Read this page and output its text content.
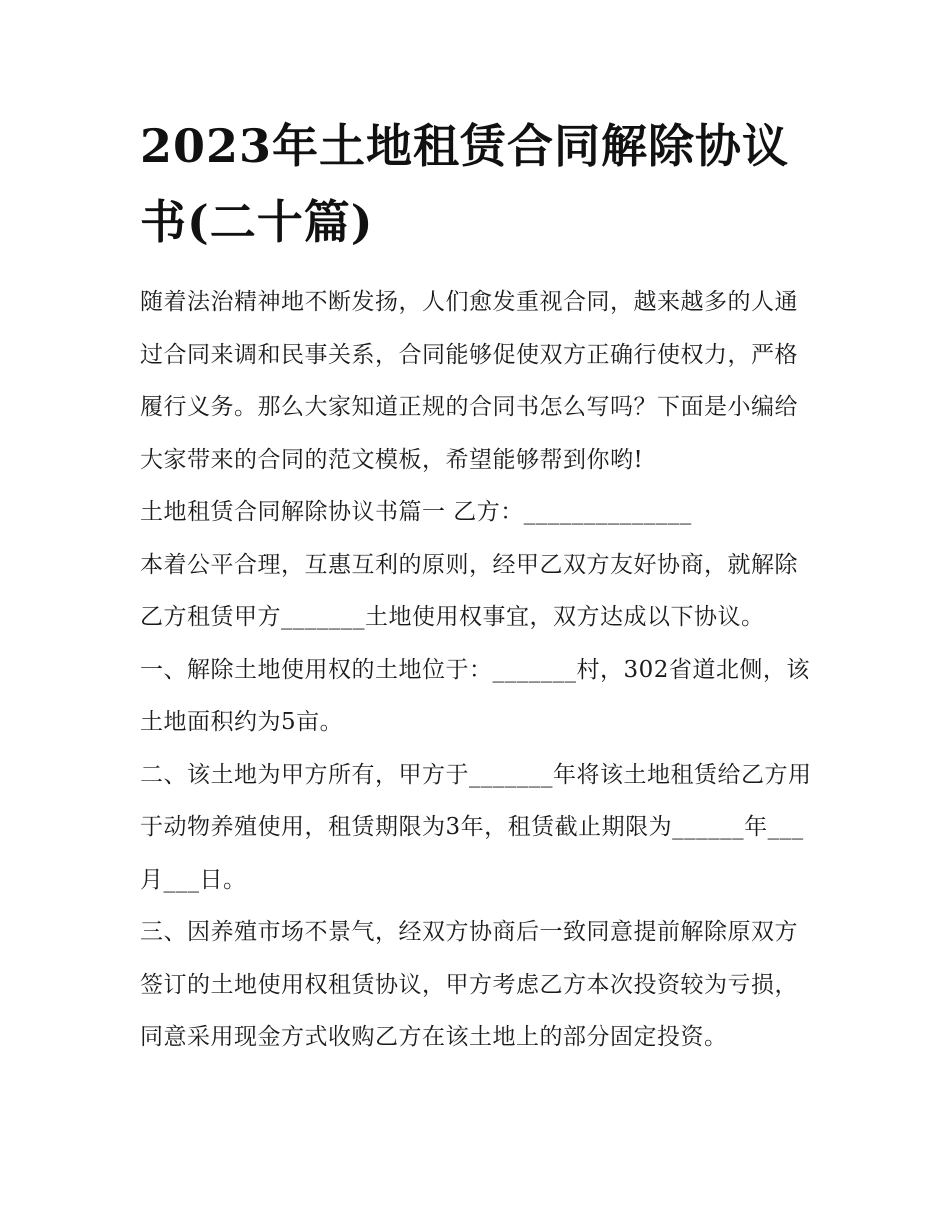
2023年土地租赁合同解除协议
书(二十篇)

随着法治精神地不断发扬，人们愈发重视合同，越来越多的人通过合同来调和民事关系，合同能够促使双方正确行使权力，严格履行义务。那么大家知道正规的合同书怎么写吗？下面是小编给大家带来的合同的范文模板，希望能够帮到你哟!

土地租赁合同解除协议书篇一 乙方：______________

本着公平合理，互惠互利的原则，经甲乙双方友好协商，就解除乙方租赁甲方_______土地使用权事宜，双方达成以下协议。

一、解除土地使用权的土地位于：_______村，302省道北侧，该土地面积约为5亩。

二、该土地为甲方所有，甲方于_______年将该土地租赁给乙方用于动物养殖使用，租赁期限为3年，租赁截止期限为______年___月___日。

三、因养殖市场不景气，经双方协商后一致同意提前解除原双方签订的土地使用权租赁协议，甲方考虑乙方本次投资较为亏损，同意采用现金方式收购乙方在该土地上的部分固定投资。
